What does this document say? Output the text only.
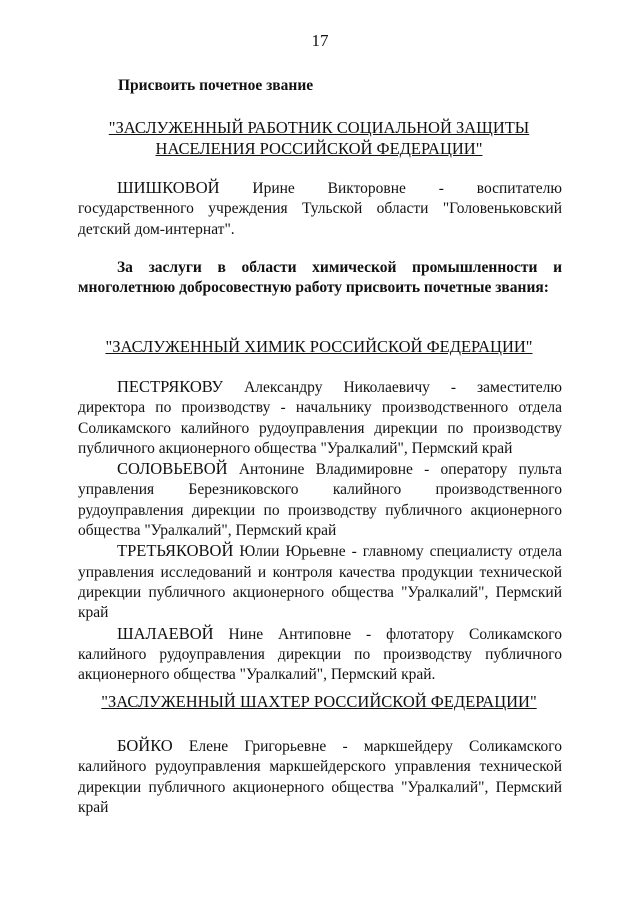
17
Присвоить почетное звание
"ЗАСЛУЖЕННЫЙ РАБОТНИК СОЦИАЛЬНОЙ ЗАЩИТЫ
НАСЕЛЕНИЯ РОССИЙСКОЙ ФЕДЕРАЦИИ"

ШИШКОВОЙ Ирине Викторовне - воспитателю государственного учреждения Тульской области "Головеньковский детский дом-интернат".

За заслуги в области химической промышленности и многолетнюю добросовестную работу присвоить почетные звания:

"ЗАСЛУЖЕННЫЙ ХИМИК РОССИЙСКОЙ ФЕДЕРАЦИИ"

ПЕСТРЯКОВУ Александру Николаевичу - заместителю директора по производству - начальнику производственного отдела Соликамского калийного рудоуправления дирекции по производству публичного акционерного общества "Уралкалий", Пермский край

СОЛОВЬЕВОЙ Антонине Владимировне - оператору пульта управления Березниковского калийного производственного рудоуправления дирекции по производству публичного акционерного общества "Уралкалий", Пермский край

ТРЕТЬЯКОВОЙ Юлии Юрьевне - главному специалисту отдела управления исследований и контроля качества продукции технической дирекции публичного акционерного общества "Уралкалий", Пермский край

ШАЛАЕВОЙ Нине Антиповне - флотатору Соликамского калийного рудоуправления дирекции по производству публичного акционерного общества "Уралкалий", Пермский край.

"ЗАСЛУЖЕННЫЙ ШАХТЕР РОССИЙСКОЙ ФЕДЕРАЦИИ"

БОЙКО Елене Григорьевне - маркшейдеру Соликамского калийного рудоуправления маркшейдерского управления технической дирекции публичного акционерного общества "Уралкалий", Пермский край
